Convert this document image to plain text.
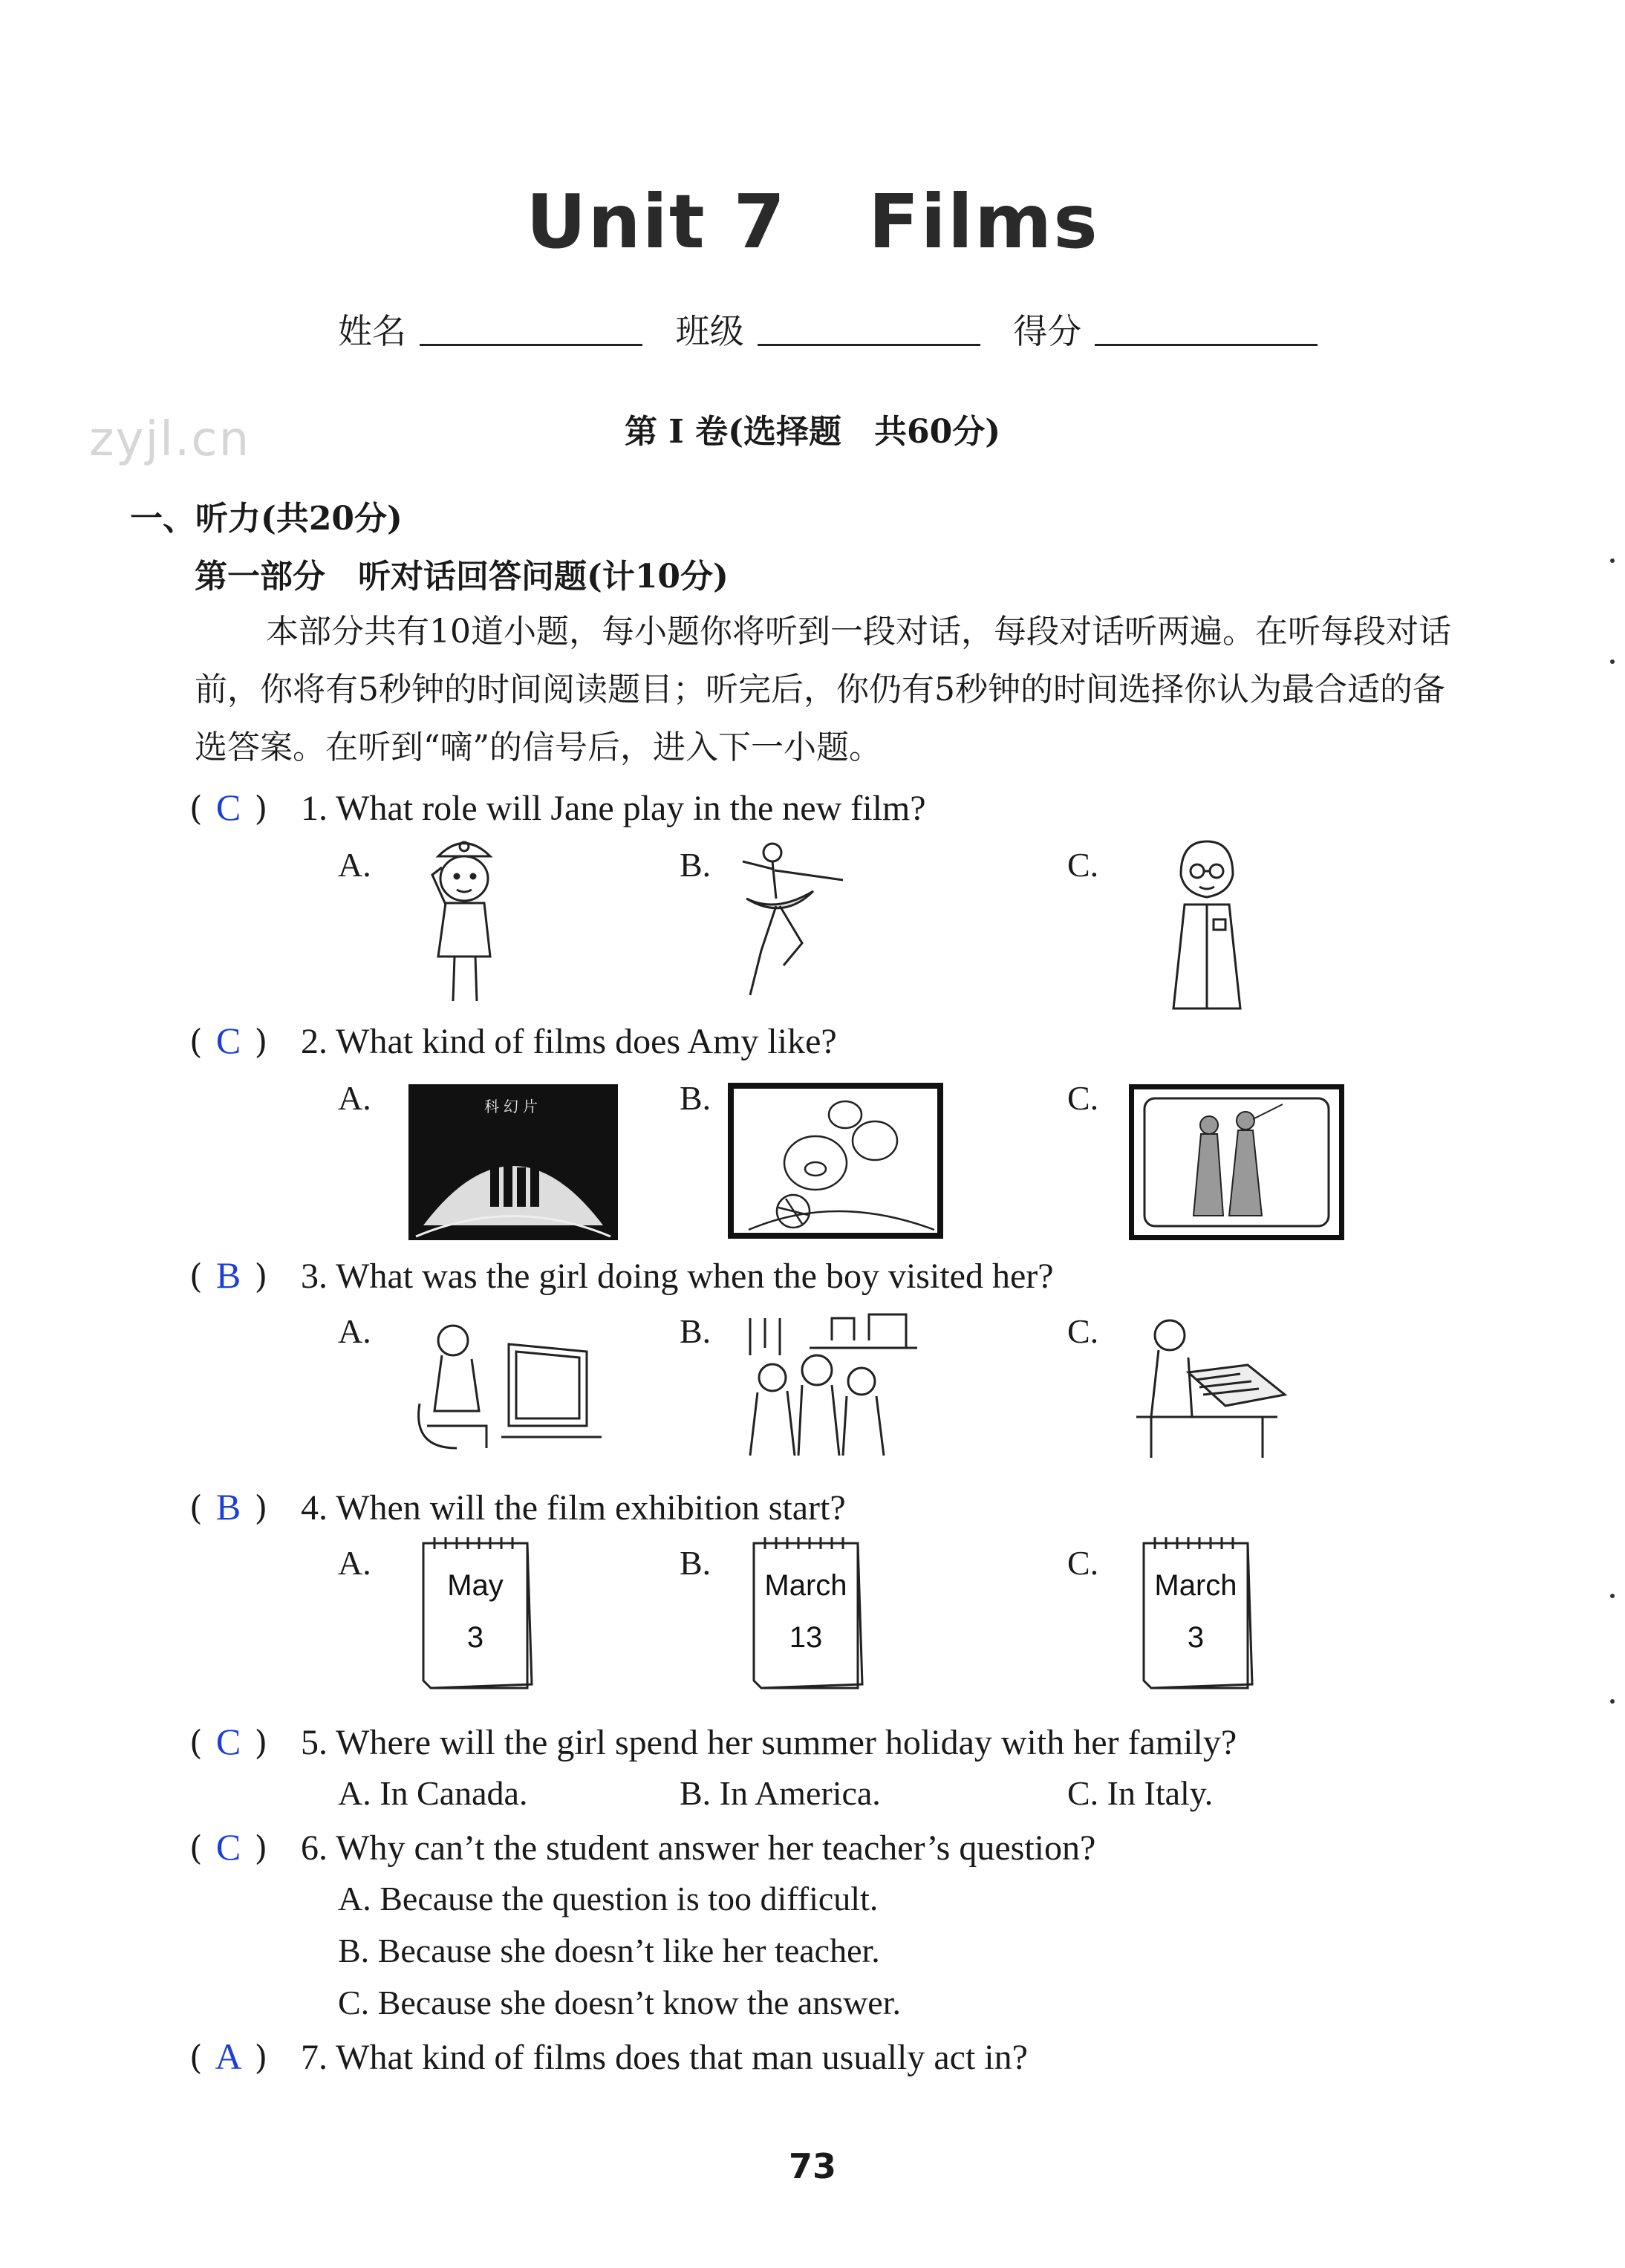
Unit 7 Films
姓名	班级	得分
zyjl.cn	第 I 卷(选择题　共60分)
一、听力(共20分)
第一部分　听对话回答问题(计10分)
本部分共有10道小题，每小题你将听到一段对话，每段对话听两遍。在听每段对话前，你将有5秒钟的时间阅读题目；听完后，你仍有5秒钟的时间选择你认为最合适的备选答案。在听到“嘀”的信号后，进入下一小题。
( C ) 1. What role will Jane play in the new film?
A.	B.	C.
( C ) 2. What kind of films does Amy like?
A.	B.	C.
科幻片
( B ) 3. What was the girl doing when the boy visited her?
A.	B.	C.
( B ) 4. When will the film exhibition start?
A.	B.	C.
May
3
March
13
March
3
( C ) 5. Where will the girl spend her summer holiday with her family?
A. In Canada.	B. In America.	C. In Italy.
( C ) 6. Why can’t the student answer her teacher’s question?
A. Because the question is too difficult.
B. Because she doesn’t like her teacher.
C. Because she doesn’t know the answer.
( A ) 7. What kind of films does that man usually act in?
73
